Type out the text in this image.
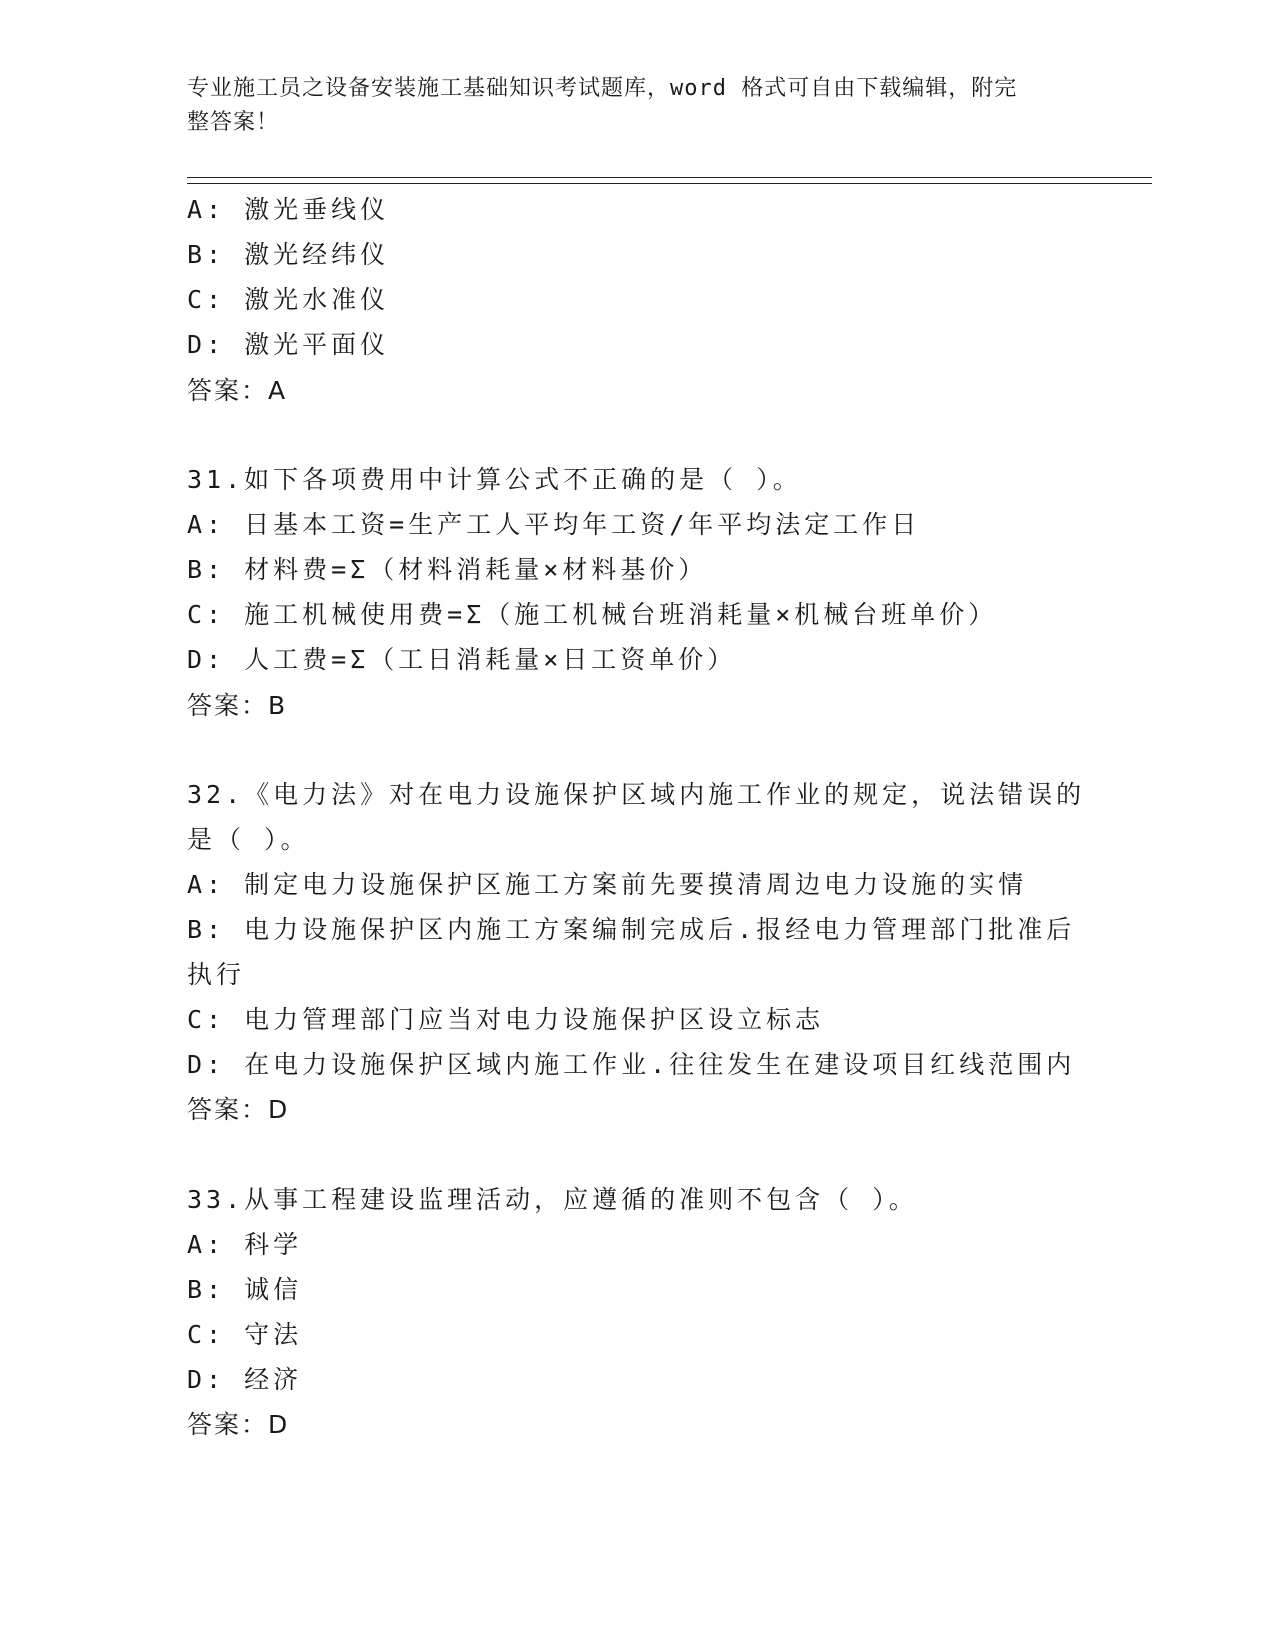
专业施工员之设备安装施工基础知识考试题库，word 格式可自由下载编辑，附完
整答案！
A: 激光垂线仪
B: 激光经纬仪
C: 激光水准仪
D: 激光平面仪
答案：A
31.如下各项费用中计算公式不正确的是（ ）。
A: 日基本工资=生产工人平均年工资/年平均法定工作日
B: 材料费=Σ（材料消耗量×材料基价）
C: 施工机械使用费=Σ（施工机械台班消耗量×机械台班单价）
D: 人工费=Σ（工日消耗量×日工资单价）
答案：B
32.《电力法》对在电力设施保护区域内施工作业的规定，说法错误的
是（ ）。
A: 制定电力设施保护区施工方案前先要摸清周边电力设施的实情
B: 电力设施保护区内施工方案编制完成后.报经电力管理部门批准后
执行
C: 电力管理部门应当对电力设施保护区设立标志
D: 在电力设施保护区域内施工作业.往往发生在建设项目红线范围内
答案：D
33.从事工程建设监理活动，应遵循的准则不包含（ ）。
A: 科学
B: 诚信
C: 守法
D: 经济
答案：D
